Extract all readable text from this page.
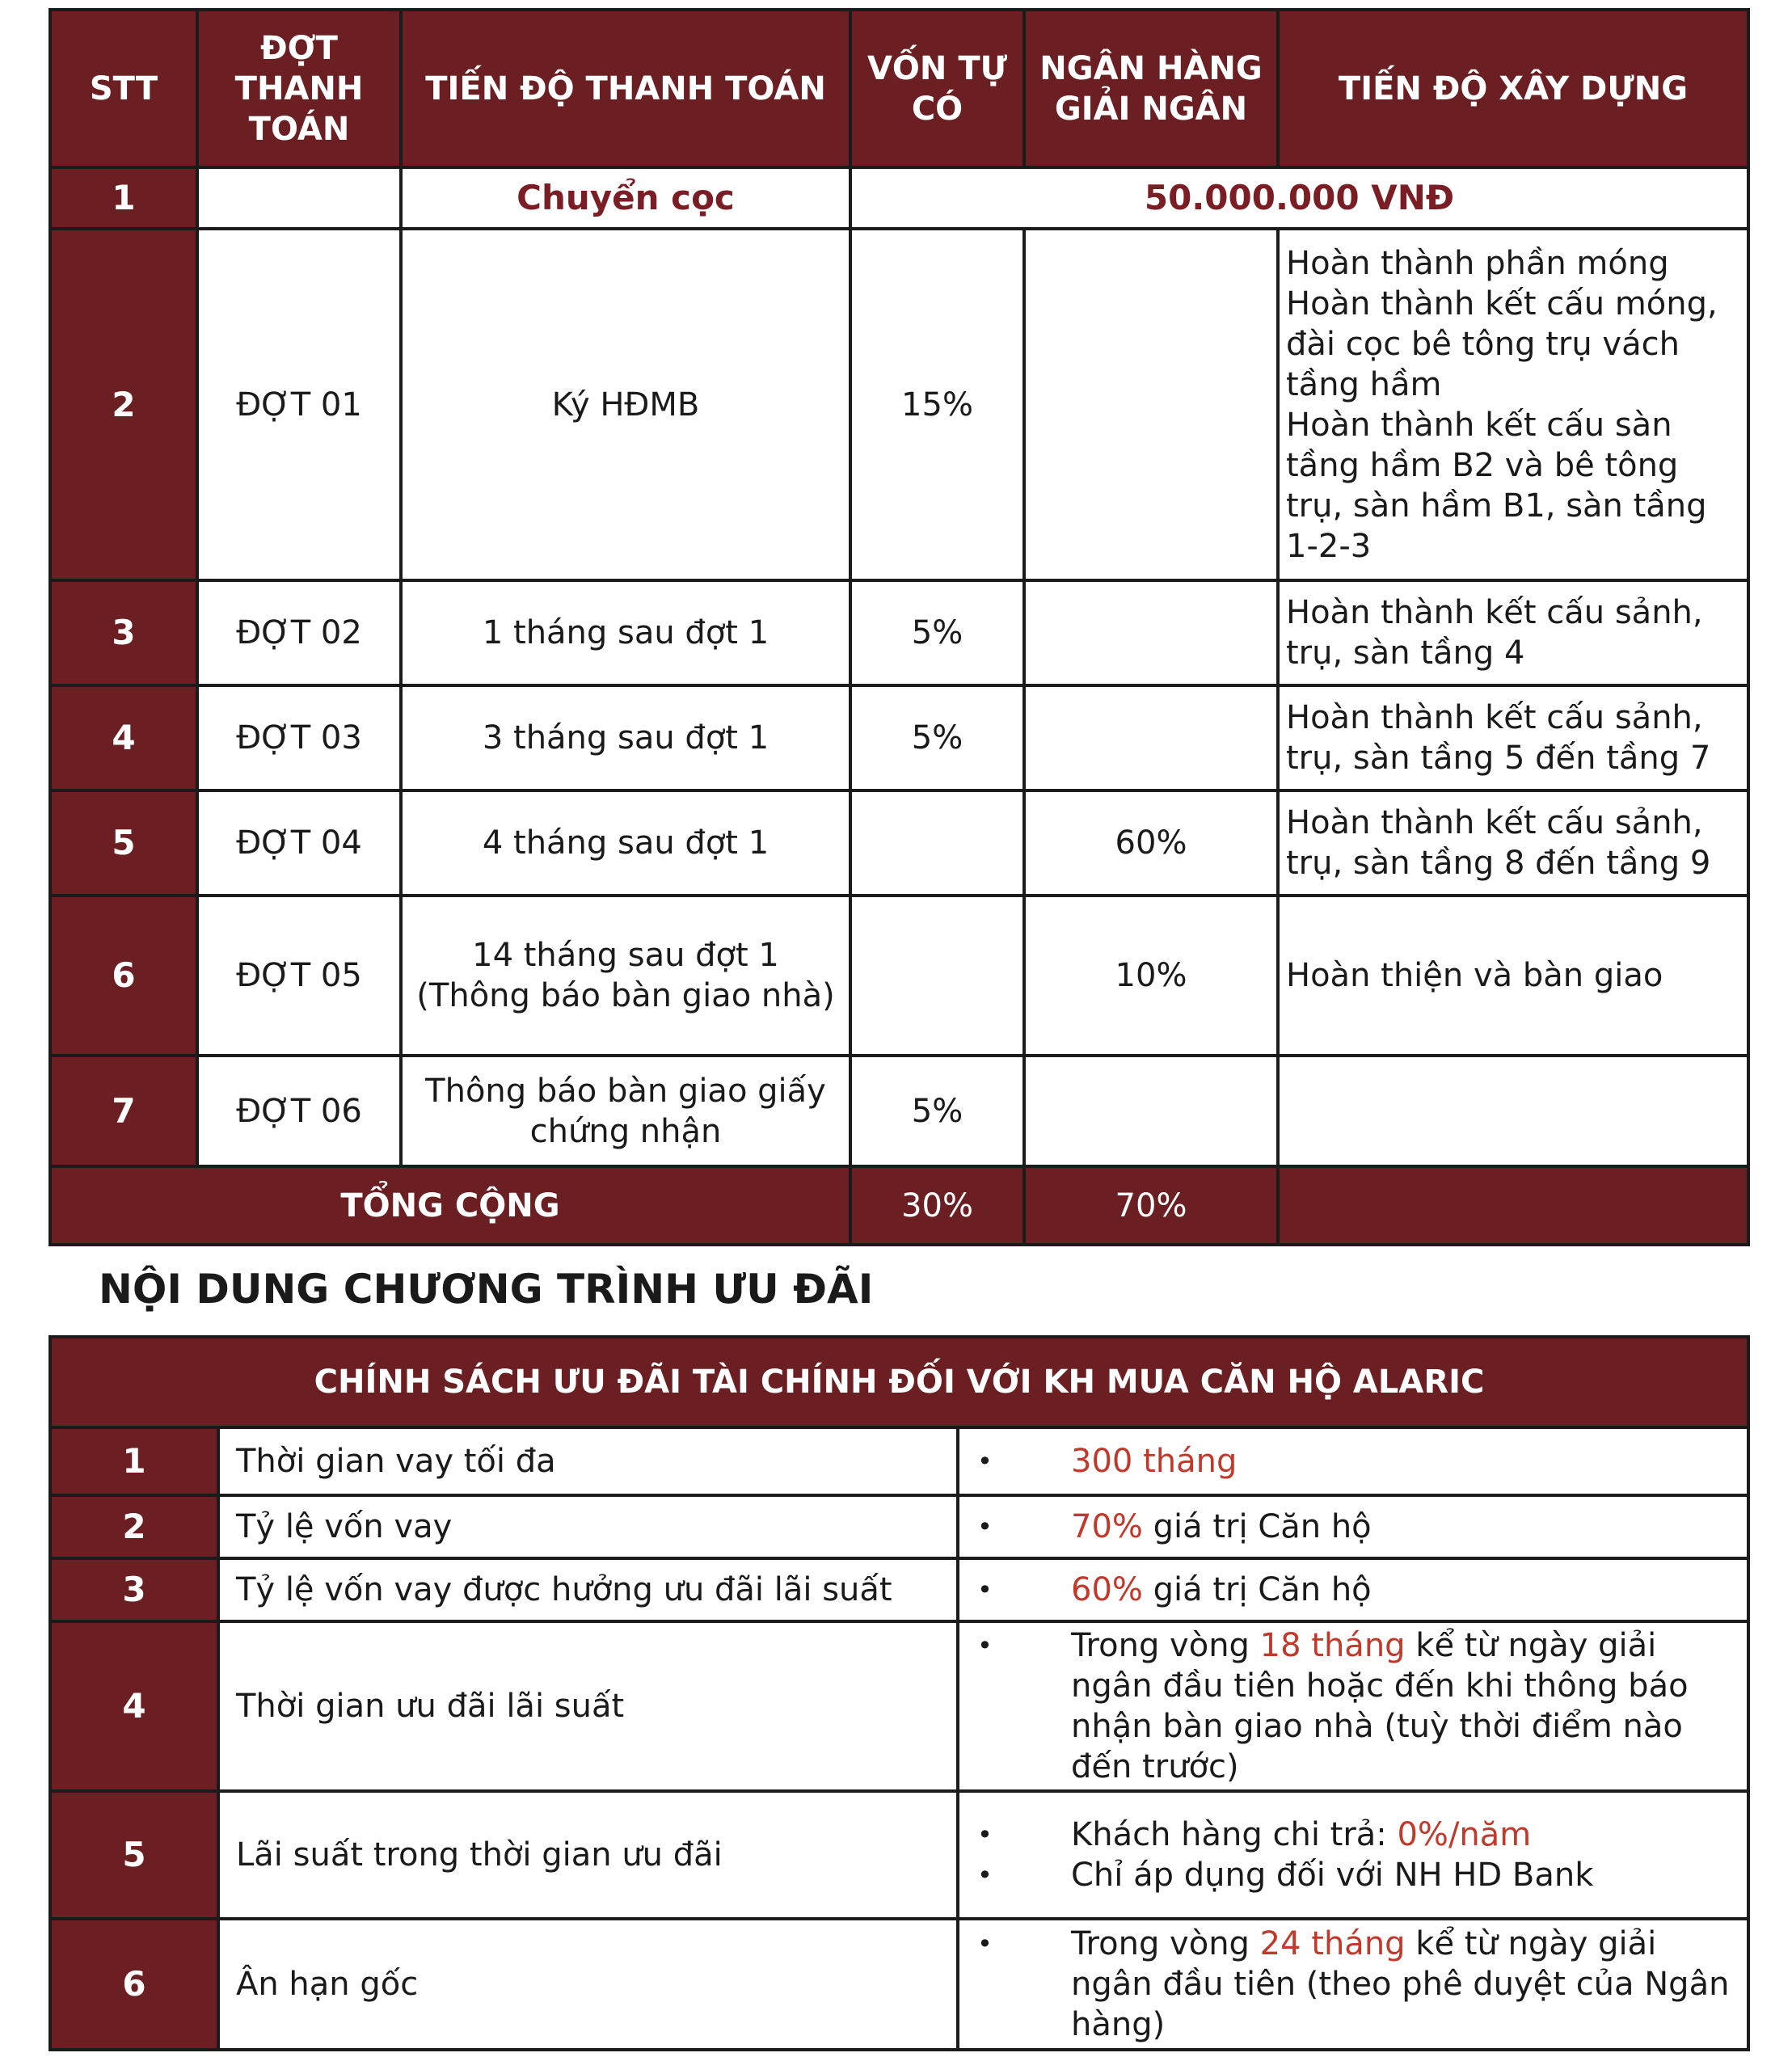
STT	ĐỢT THANH TOÁN	TIẾN ĐỘ THANH TOÁN	VỐN TỰ CÓ	NGÂN HÀNG GIẢI NGÂN	TIẾN ĐỘ XÂY DỰNG
1		Chuyển cọc	50.000.000 VNĐ		
2	ĐỢT 01	Ký HĐMB	15%		Hoàn thành phần móng
Hoàn thành kết cấu móng, đài cọc bê tông trụ vách tầng hầm
Hoàn thành kết cấu sàn tầng hầm B2 và bê tông trụ, sàn hầm B1, sàn tầng 1-2-3
3	ĐỢT 02	1 tháng sau đợt 1	5%		Hoàn thành kết cấu sảnh, trụ, sàn tầng 4
4	ĐỢT 03	3 tháng sau đợt 1	5%		Hoàn thành kết cấu sảnh, trụ, sàn tầng 5 đến tầng 7
5	ĐỢT 04	4 tháng sau đợt 1		60%	Hoàn thành kết cấu sảnh, trụ, sàn tầng 8 đến tầng 9
6	ĐỢT 05	14 tháng sau đợt 1
(Thông báo bàn giao nhà)		10%	Hoàn thiện và bàn giao
7	ĐỢT 06	Thông báo bàn giao giấy chứng nhận	5%		
TỔNG CỘNG			30%	70%	
NỘI DUNG CHƯƠNG TRÌNH ƯU ĐÃI
CHÍNH SÁCH ƯU ĐÃI TÀI CHÍNH ĐỐI VỚI KH MUA CĂN HỘ ALARIC		
1	Thời gian vay tối đa	• 300 tháng

2	Tỷ lệ vốn vay	• 70% giá trị Căn hộ

3	Tỷ lệ vốn vay được hưởng ưu đãi lãi suất	• 60% giá trị Căn hộ

4	Thời gian ưu đãi lãi suất	• Trong vòng 18 tháng kể từ ngày giải ngân đầu tiên hoặc đến khi thông báo nhận bàn giao nhà (tuỳ thời điểm nào đến trước)

5	Lãi suất trong thời gian ưu đãi	• Khách hàng chi trả: 0%/năm
• Chỉ áp dụng đối với NH HD Bank

6	Ân hạn gốc	• Trong vòng 24 tháng kể từ ngày giải ngân đầu tiên (theo phê duyệt của Ngân hàng)
